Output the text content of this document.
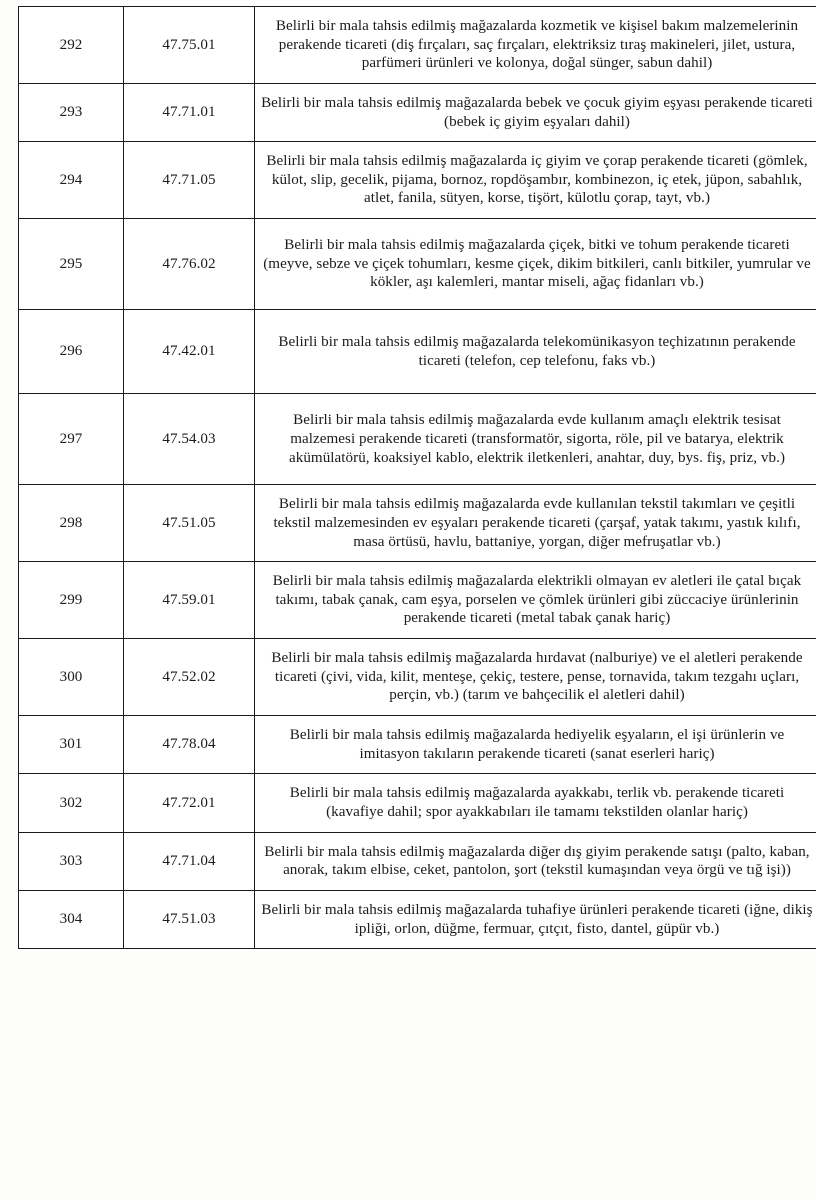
292	47.75.01	Belirli bir mala tahsis edilmiş mağazalarda kozmetik ve kişisel bakım malzemelerinin perakende ticareti (diş fırçaları, saç fırçaları, elektriksiz tıraş makineleri, jilet, ustura, parfümeri ürünleri ve kolonya, doğal sünger, sabun dahil)
293	47.71.01	Belirli bir mala tahsis edilmiş mağazalarda bebek ve çocuk giyim eşyası perakende ticareti (bebek iç giyim eşyaları dahil)
294	47.71.05	Belirli bir mala tahsis edilmiş mağazalarda iç giyim ve çorap perakende ticareti (gömlek, külot, slip, gecelik, pijama, bornoz, ropdöşambır, kombinezon, iç etek, jüpon, sabahlık, atlet, fanila, sütyen, korse, tişört, külotlu çorap, tayt, vb.)
295	47.76.02	Belirli bir mala tahsis edilmiş mağazalarda çiçek, bitki ve tohum perakende ticareti (meyve, sebze ve çiçek tohumları, kesme çiçek, dikim bitkileri, canlı bitkiler, yumrular ve kökler, aşı kalemleri, mantar miseli, ağaç fidanları vb.)
296	47.42.01	Belirli bir mala tahsis edilmiş mağazalarda telekomünikasyon teçhizatının perakende ticareti (telefon, cep telefonu, faks vb.)
297	47.54.03	Belirli bir mala tahsis edilmiş mağazalarda evde kullanım amaçlı elektrik tesisat malzemesi perakende ticareti (transformatör, sigorta, röle, pil ve batarya, elektrik akümülatörü, koaksiyel kablo, elektrik iletkenleri, anahtar, duy, bys. fiş, priz, vb.)
298	47.51.05	Belirli bir mala tahsis edilmiş mağazalarda evde kullanılan tekstil takımları ve çeşitli tekstil malzemesinden ev eşyaları perakende ticareti (çarşaf, yatak takımı, yastık kılıfı, masa örtüsü, havlu, battaniye, yorgan, diğer mefruşatlar vb.)
299	47.59.01	Belirli bir mala tahsis edilmiş mağazalarda elektrikli olmayan ev aletleri ile çatal bıçak takımı, tabak çanak, cam eşya, porselen ve çömlek ürünleri gibi züccaciye ürünlerinin perakende ticareti (metal tabak çanak hariç)
300	47.52.02	Belirli bir mala tahsis edilmiş mağazalarda hırdavat (nalburiye) ve el aletleri perakende ticareti (çivi, vida, kilit, menteşe, çekiç, testere, pense, tornavida, takım tezgahı uçları, perçin, vb.) (tarım ve bahçecilik el aletleri dahil)
301	47.78.04	Belirli bir mala tahsis edilmiş mağazalarda hediyelik eşyaların, el işi ürünlerin ve imitasyon takıların perakende ticareti (sanat eserleri hariç)
302	47.72.01	Belirli bir mala tahsis edilmiş mağazalarda ayakkabı, terlik vb. perakende ticareti (kavafiye dahil; spor ayakkabıları ile tamamı tekstilden olanlar hariç)
303	47.71.04	Belirli bir mala tahsis edilmiş mağazalarda diğer dış giyim perakende satışı (palto, kaban, anorak, takım elbise, ceket, pantolon, şort (tekstil kumaşından veya örgü ve tığ işi))
304	47.51.03	Belirli bir mala tahsis edilmiş mağazalarda tuhafiye ürünleri perakende ticareti (iğne, dikiş ipliği, orlon, düğme, fermuar, çıtçıt, fisto, dantel, güpür vb.)
